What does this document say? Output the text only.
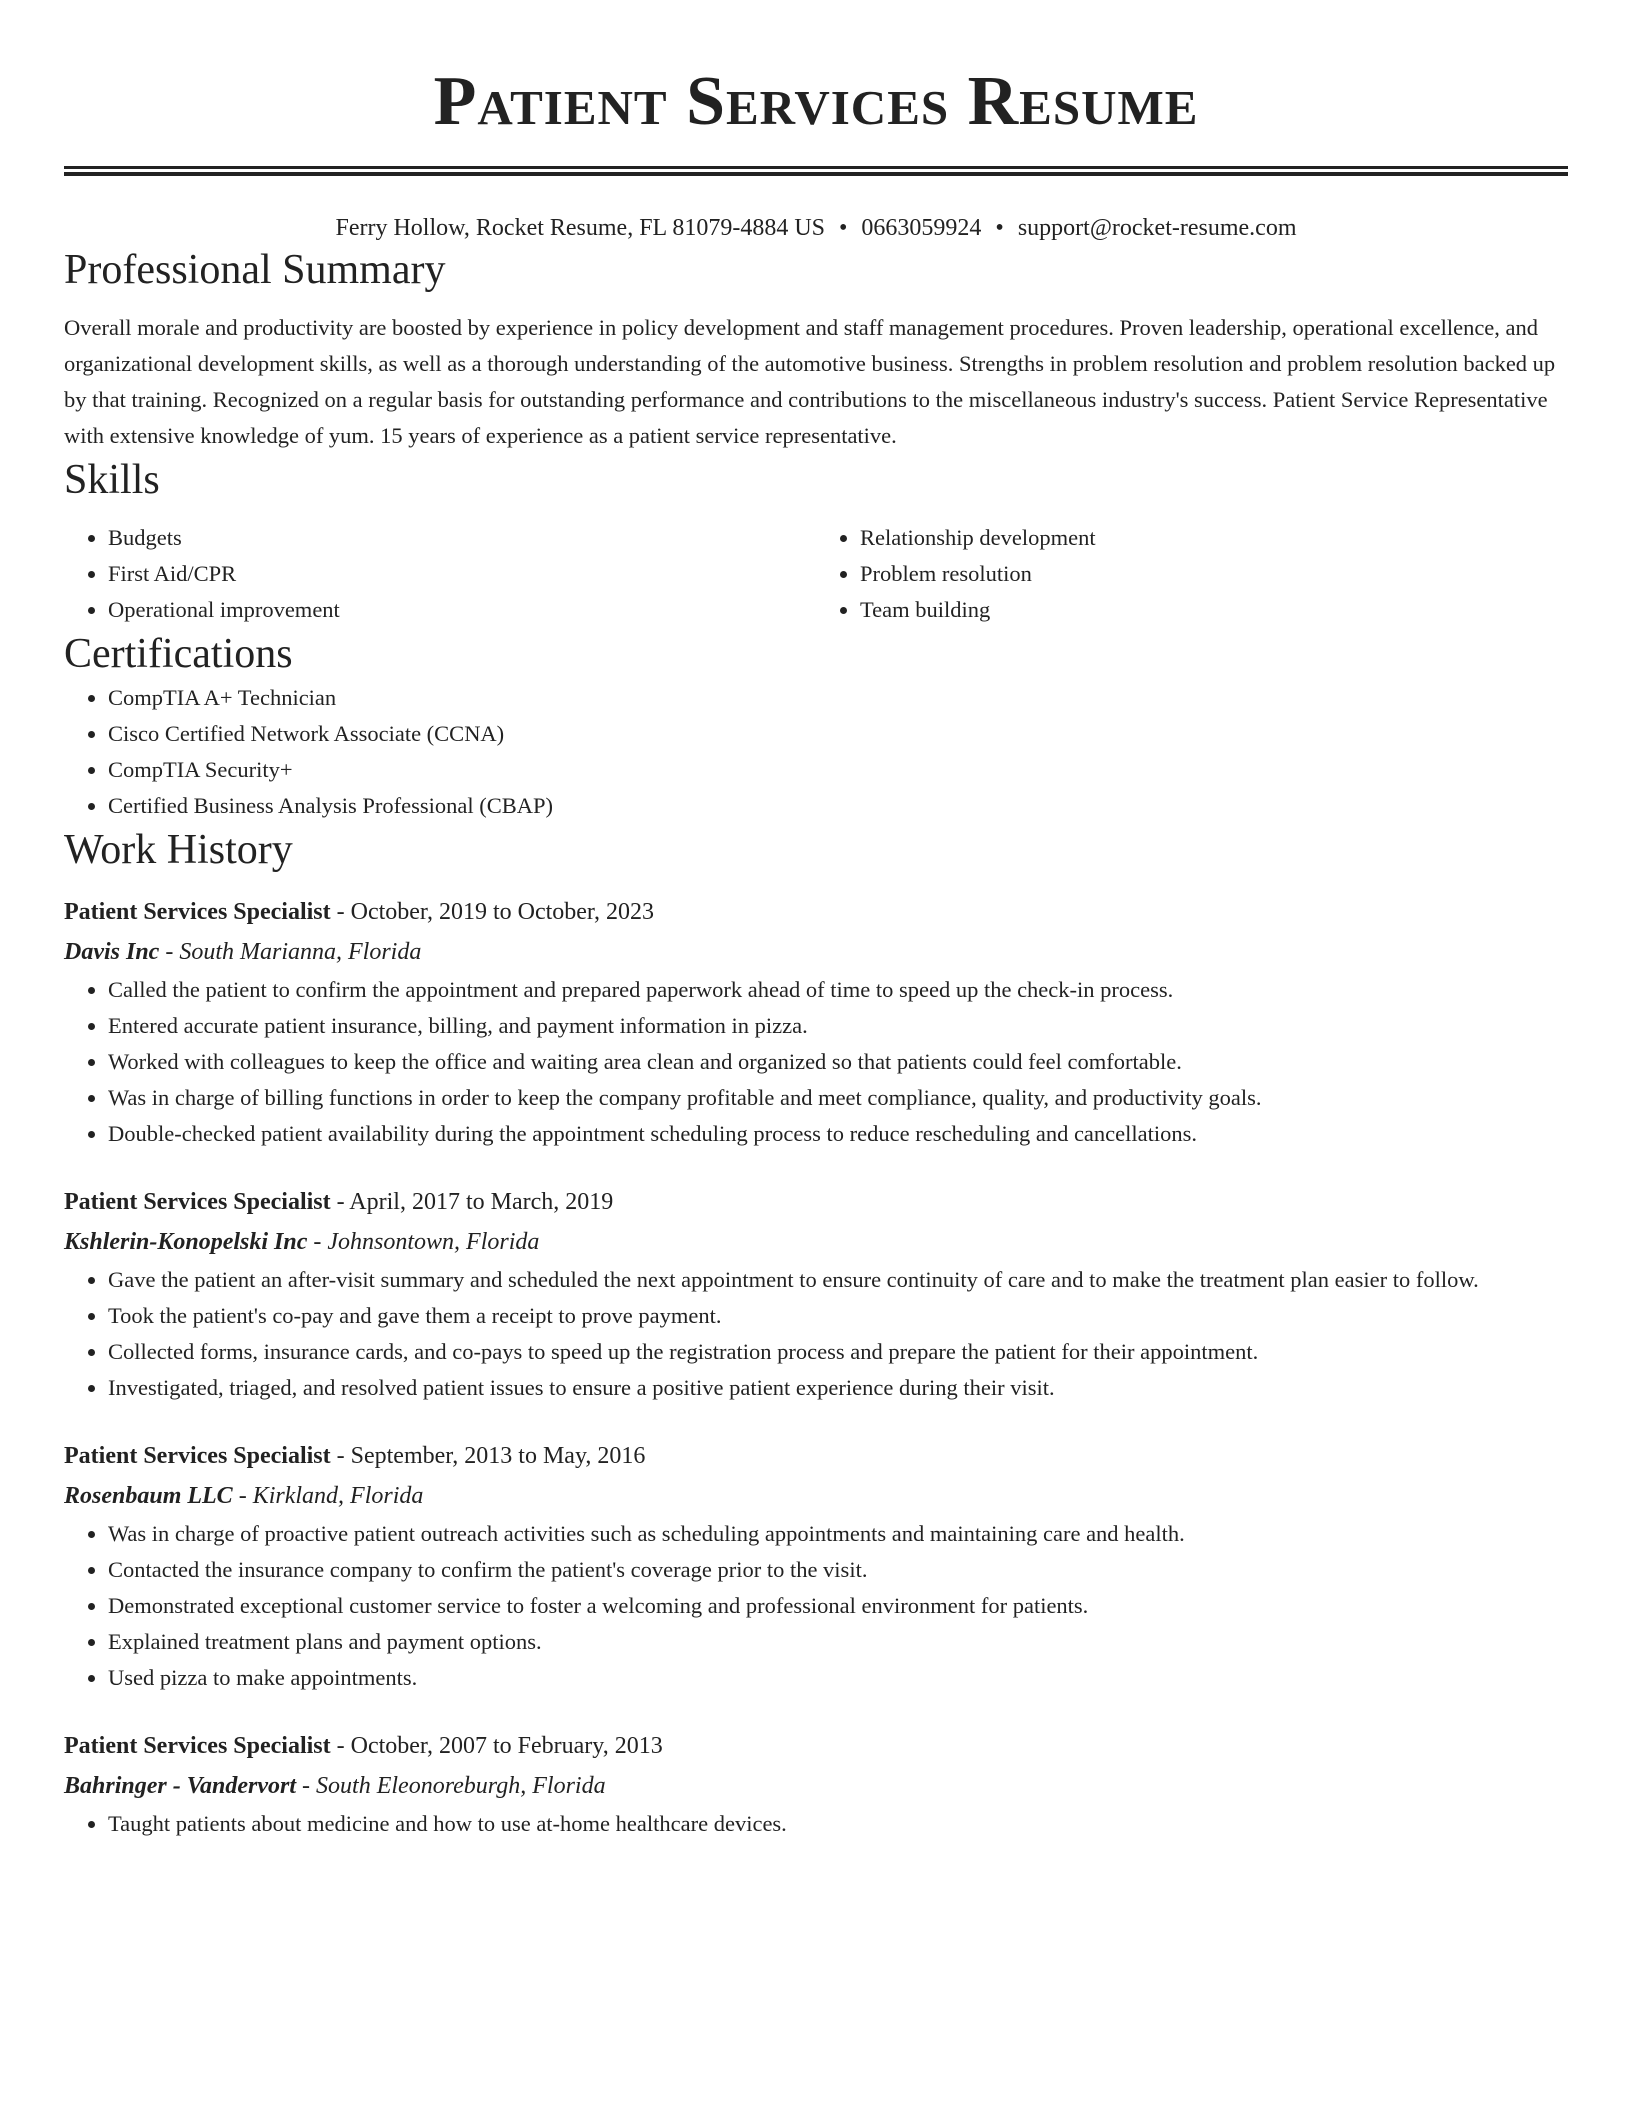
Patient Services Resume
Ferry Hollow, Rocket Resume, FL 81079-4884 US • 0663059924 • support@rocket-resume.com
Professional Summary

Overall morale and productivity are boosted by experience in policy development and staff management procedures. Proven leadership, operational excellence, and organizational development skills, as well as a thorough understanding of the automotive business. Strengths in problem resolution and problem resolution backed up by that training. Recognized on a regular basis for outstanding performance and contributions to the miscellaneous industry's success. Patient Service Representative with extensive knowledge of yum. 15 years of experience as a patient service representative.

Skills
• Budgets
• First Aid/CPR
• Operational improvement
• Relationship development
• Problem resolution
• Team building
Certifications
• CompTIA A+ Technician
• Cisco Certified Network Associate (CCNA)
• CompTIA Security+
• Certified Business Analysis Professional (CBAP)
Work History
Patient Services Specialist - October, 2019 to October, 2023
Davis Inc - South Marianna, Florida
• Called the patient to confirm the appointment and prepared paperwork ahead of time to speed up the check-in process.
• Entered accurate patient insurance, billing, and payment information in pizza.
• Worked with colleagues to keep the office and waiting area clean and organized so that patients could feel comfortable.
• Was in charge of billing functions in order to keep the company profitable and meet compliance, quality, and productivity goals.
• Double-checked patient availability during the appointment scheduling process to reduce rescheduling and cancellations.
Patient Services Specialist - April, 2017 to March, 2019
Kshlerin-Konopelski Inc - Johnsontown, Florida
• Gave the patient an after-visit summary and scheduled the next appointment to ensure continuity of care and to make the treatment plan easier to follow.
• Took the patient's co-pay and gave them a receipt to prove payment.
• Collected forms, insurance cards, and co-pays to speed up the registration process and prepare the patient for their appointment.
• Investigated, triaged, and resolved patient issues to ensure a positive patient experience during their visit.
Patient Services Specialist - September, 2013 to May, 2016
Rosenbaum LLC - Kirkland, Florida
• Was in charge of proactive patient outreach activities such as scheduling appointments and maintaining care and health.
• Contacted the insurance company to confirm the patient's coverage prior to the visit.
• Demonstrated exceptional customer service to foster a welcoming and professional environment for patients.
• Explained treatment plans and payment options.
• Used pizza to make appointments.
Patient Services Specialist - October, 2007 to February, 2013
Bahringer - Vandervort - South Eleonoreburgh, Florida
• Taught patients about medicine and how to use at-home healthcare devices.
